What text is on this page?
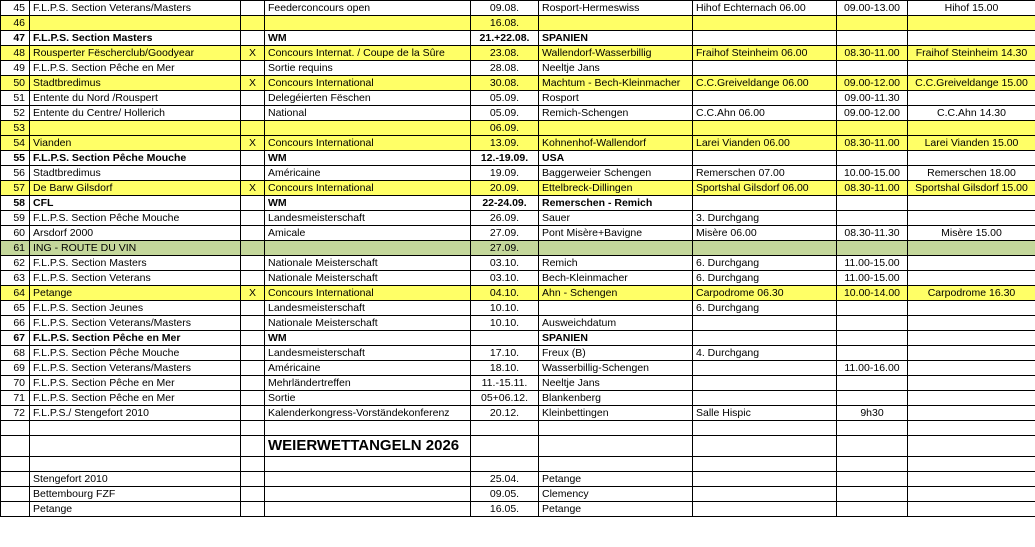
45	F.L.P.S. Section Veterans/Masters		Feederconcours open	09.08.	Rosport-Hermeswiss	Hihof Echternach 06.00	09.00-13.00	Hihof 15.00
46				16.08.				
47	F.L.P.S. Section Masters		WM	21.+22.08.	SPANIEN			
48	Rousperter Fëschercl​ub/Goodyear	X	Concours Internat. / Coupe de la Sûre	23.08.	Wallendorf-Wasserbillig	Fraihof Steinheim 06.00	08.30-11.00	Fraihof Steinheim 14.30
49	F.L.P.S. Section Pêche en Mer		Sortie requins	28.08.	Neeltje Jans			
50	Stadtbredimus	X	Concours International	30.08.	Machtum - Bech-Kleinmacher	C.C.Greiveldange 06.00	09.00-12.00	C.C.Greiveldange 15.00
51	Entente du Nord /Rouspert		Delegéierten Fëschen	05.09.	Rosport		09.00-11.30	
52	Entente du Centre/ Hollerich		National	05.09.	Remich-Schengen	C.C.Ahn 06.00	09.00-12.00	C.C.Ahn 14.30
53				06.09.				
54	Vianden	X	Concours International	13.09.	Kohnenhof-Wallendorf	Larei Vianden 06.00	08.30-11.00	Larei Vianden 15.00
55	F.L.P.S. Section Pêche Mouche		WM	12.-19.09.	USA			
56	Stadtbredimus		Américaine	19.09.	Baggerweier Schengen	Remerschen 07.00	10.00-15.00	Remerschen 18.00
57	De Barw Gilsdorf	X	Concours International	20.09.	Ettelbreck-Dillingen	Sportshal Gilsdorf 06.00	08.30-11.00	Sportshal Gilsdorf 15.00
58	CFL		WM	22-24.09.	Remerschen - Remich			
59	F.L.P.S. Section Pêche Mouche		Landesmeisterschaft	26.09.	Sauer	3. Durchgang		
60	Arsdorf 2000		Amicale	27.09.	Pont Misère+Bavigne	Misère 06.00	08.30-11.30	Misère 15.00
61	ING - ROUTE DU VIN			27.09.				
62	F.L.P.S. Section Masters		Nationale Meisterschaft	03.10.	Remich	6. Durchgang	11.00-15.00	
63	F.L.P.S. Section Veterans		Nationale Meisterschaft	03.10.	Bech-Kleinmacher	6. Durchgang	11.00-15.00	
64	Petange	X	Concours International	04.10.	Ahn - Schengen	Carpodrome 06.30	10.00-14.00	Carpodrome 16.30
65	F.L.P.S. Section Jeunes		Landesmeisterschaft	10.10.		6. Durchgang		
66	F.L.P.S. Section Veterans/Masters		Nationale Meisterschaft	10.10.	Ausweichdatum			
67	F.L.P.S. Section Pêche en Mer		WM		SPANIEN			
68	F.L.P.S. Section Pêche Mouche		Landesmeisterschaft	17.10.	Freux (B)	4. Durchgang		
69	F.L.P.S. Section Veterans/Masters		Américaine	18.10.	Wasserbillig-Schengen		11.00-16.00	
70	F.L.P.S. Section Pêche en Mer		Mehrländertreffen	11.-15.11.	Neeltje Jans			
71	F.L.P.S. Section Pêche en Mer		Sortie	05+06.12.	Blankenberg			
72	F.L.P.S./ Stengefort 2010		Kalenderkongress-Vorständekonferenz	20.12.	Kleinbettingen	Salle Hispic	9h30	

			WEIERWETTANGELN 2026					

	Stengefort 2010			25.04.	Petange			
	Bettembourg FZF			09.05.	Clemency			
	Petange			16.05.	Petange			
